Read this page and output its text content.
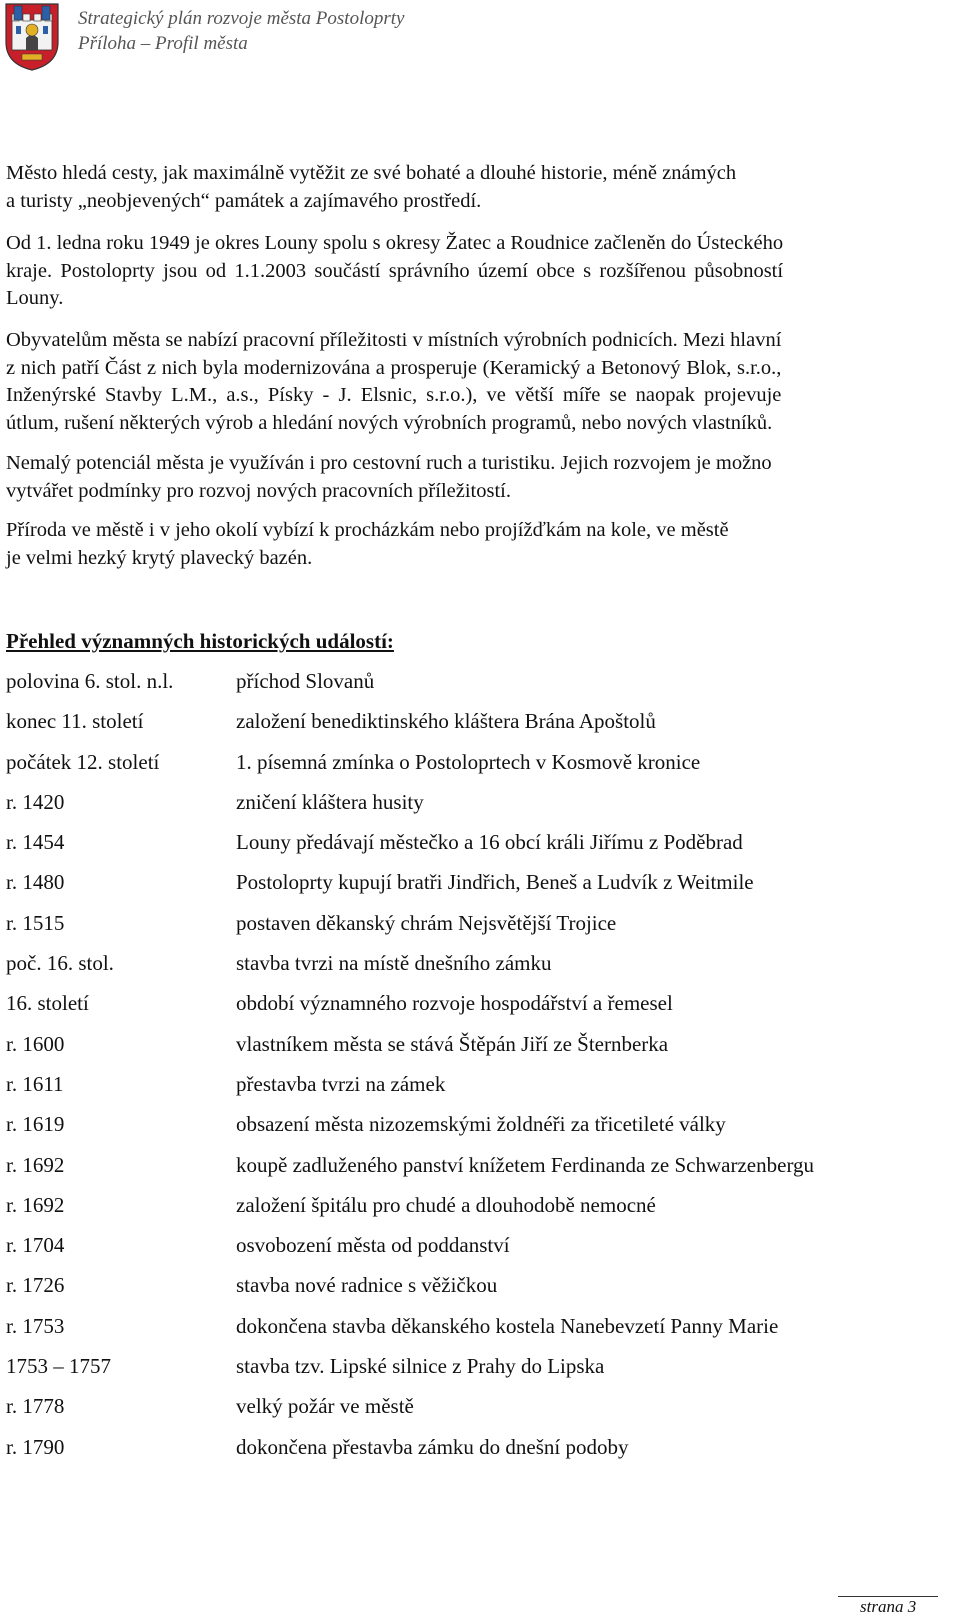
Strategický plán rozvoje města Postoloprty
Příloha – Profil města

Město hledá cesty, jak maximálně vytěžit ze své bohaté a dlouhé historie, méně známých
a turisty „neobjevených“ památek a zajímavého prostředí.

Od 1. ledna roku 1949 je okres Louny spolu s okresy Žatec a Roudnice začleněn do Ústeckého
kraje. Postoloprty jsou od 1.1.2003 součástí správního území obce s rozšířenou působností
Louny.

Obyvatelům města se nabízí pracovní příležitosti v místních výrobních podnicích. Mezi hlavní
z nich patří Část z nich byla modernizována a prosperuje (Keramický a Betonový Blok, s.r.o.,
Inženýrské Stavby L.M., a.s., Písky - J. Elsnic, s.r.o.), ve větší míře se naopak projevuje
útlum, rušení některých výrob a hledání nových výrobních programů, nebo nových vlastníků.

Nemalý potenciál města je využíván i pro cestovní ruch a turistiku. Jejich rozvojem je možno
vytvářet podmínky pro rozvoj nových pracovních příležitostí.

Příroda ve městě i v jeho okolí vybízí k procházkám nebo projížďkám na kole, ve městě
je velmi hezký krytý plavecký bazén.

Přehled významných historických událostí:
polovina 6. stol. n.l.	příchod Slovanů
konec 11. století	založení benediktinského kláštera Brána Apoštolů
počátek 12. století	1. písemná zmínka o Postoloprtech v Kosmově kronice
r. 1420	zničení kláštera husity
r. 1454	Louny předávají městečko a 16 obcí králi Jiřímu z Poděbrad
r. 1480	Postoloprty kupují bratři Jindřich, Beneš a Ludvík z Weitmile
r. 1515	postaven děkanský chrám Nejsvětější Trojice
poč. 16. stol.	stavba tvrzi na místě dnešního zámku
16. století	období významného rozvoje hospodářství a řemesel
r. 1600	vlastníkem města se stává Štěpán Jiří ze Šternberka
r. 1611	přestavba tvrzi na zámek
r. 1619	obsazení města nizozemskými žoldnéři za třicetileté války
r. 1692	koupě zadluženého panství knížetem Ferdinanda ze Schwarzenbergu
r. 1692	založení špitálu pro chudé a dlouhodobě nemocné
r. 1704	osvobození města od poddanství
r. 1726	stavba nové radnice s věžičkou
r. 1753	dokončena stavba děkanského kostela Nanebevzetí Panny Marie
1753 – 1757	stavba tzv. Lipské silnice z Prahy do Lipska
r. 1778	velký požár ve městě
r. 1790	dokončena přestavba zámku do dnešní podoby
strana 3
